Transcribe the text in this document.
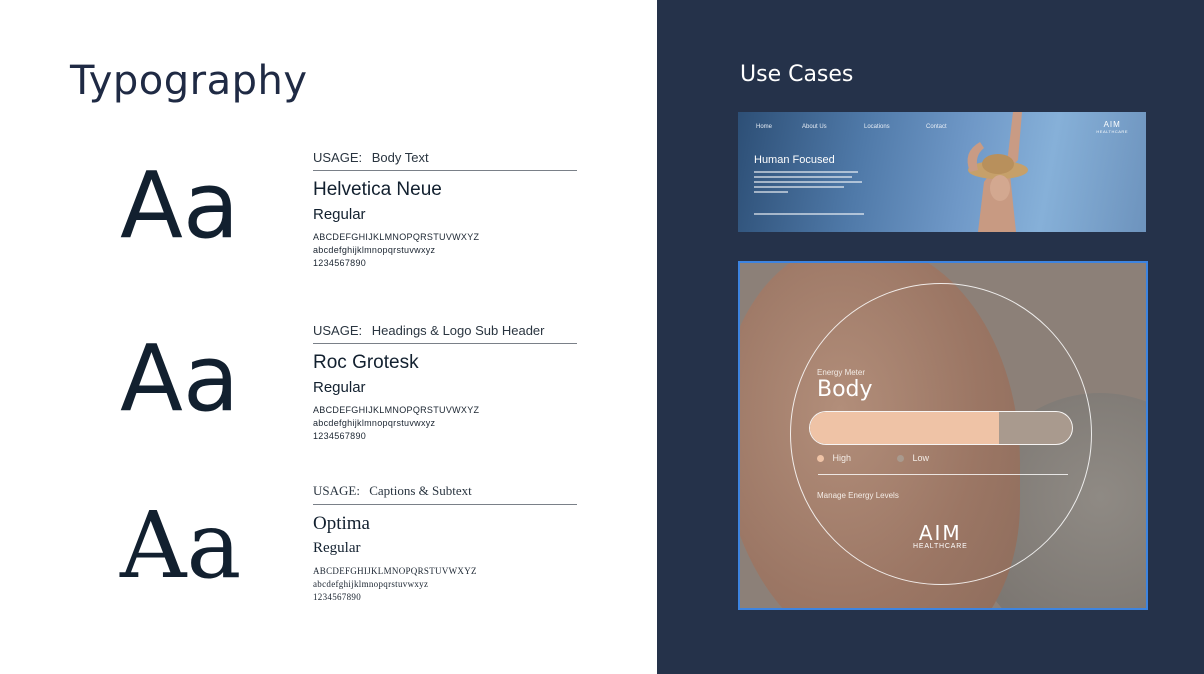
Typography
Aa	USAGE: Body Text
Helvetica Neue
Regular
ABCDEFGHIJKLMNOPQRSTUVWXYZ
abcdefghijklmnopqrstuvwxyz
1234567890
Aa	USAGE: Headings & Logo Sub Header
Roc Grotesk
Regular
ABCDEFGHIJKLMNOPQRSTUVWXYZ
abcdefghijklmnopqrstuvwxyz
1234567890
Aa
USAGE: Captions & Subtext
Optima
Regular
ABCDEFGHIJKLMNOPQRSTUVWXYZ
abcdefghijklmnopqrstuvwxyz
1234567890
Use Cases
Home	About Us	Locations	Contact	AIM
HEALTHCARE
Human Focused
Energy Meter
Body
High	Low
Manage Energy Levels
AIM
HEALTHCARE
